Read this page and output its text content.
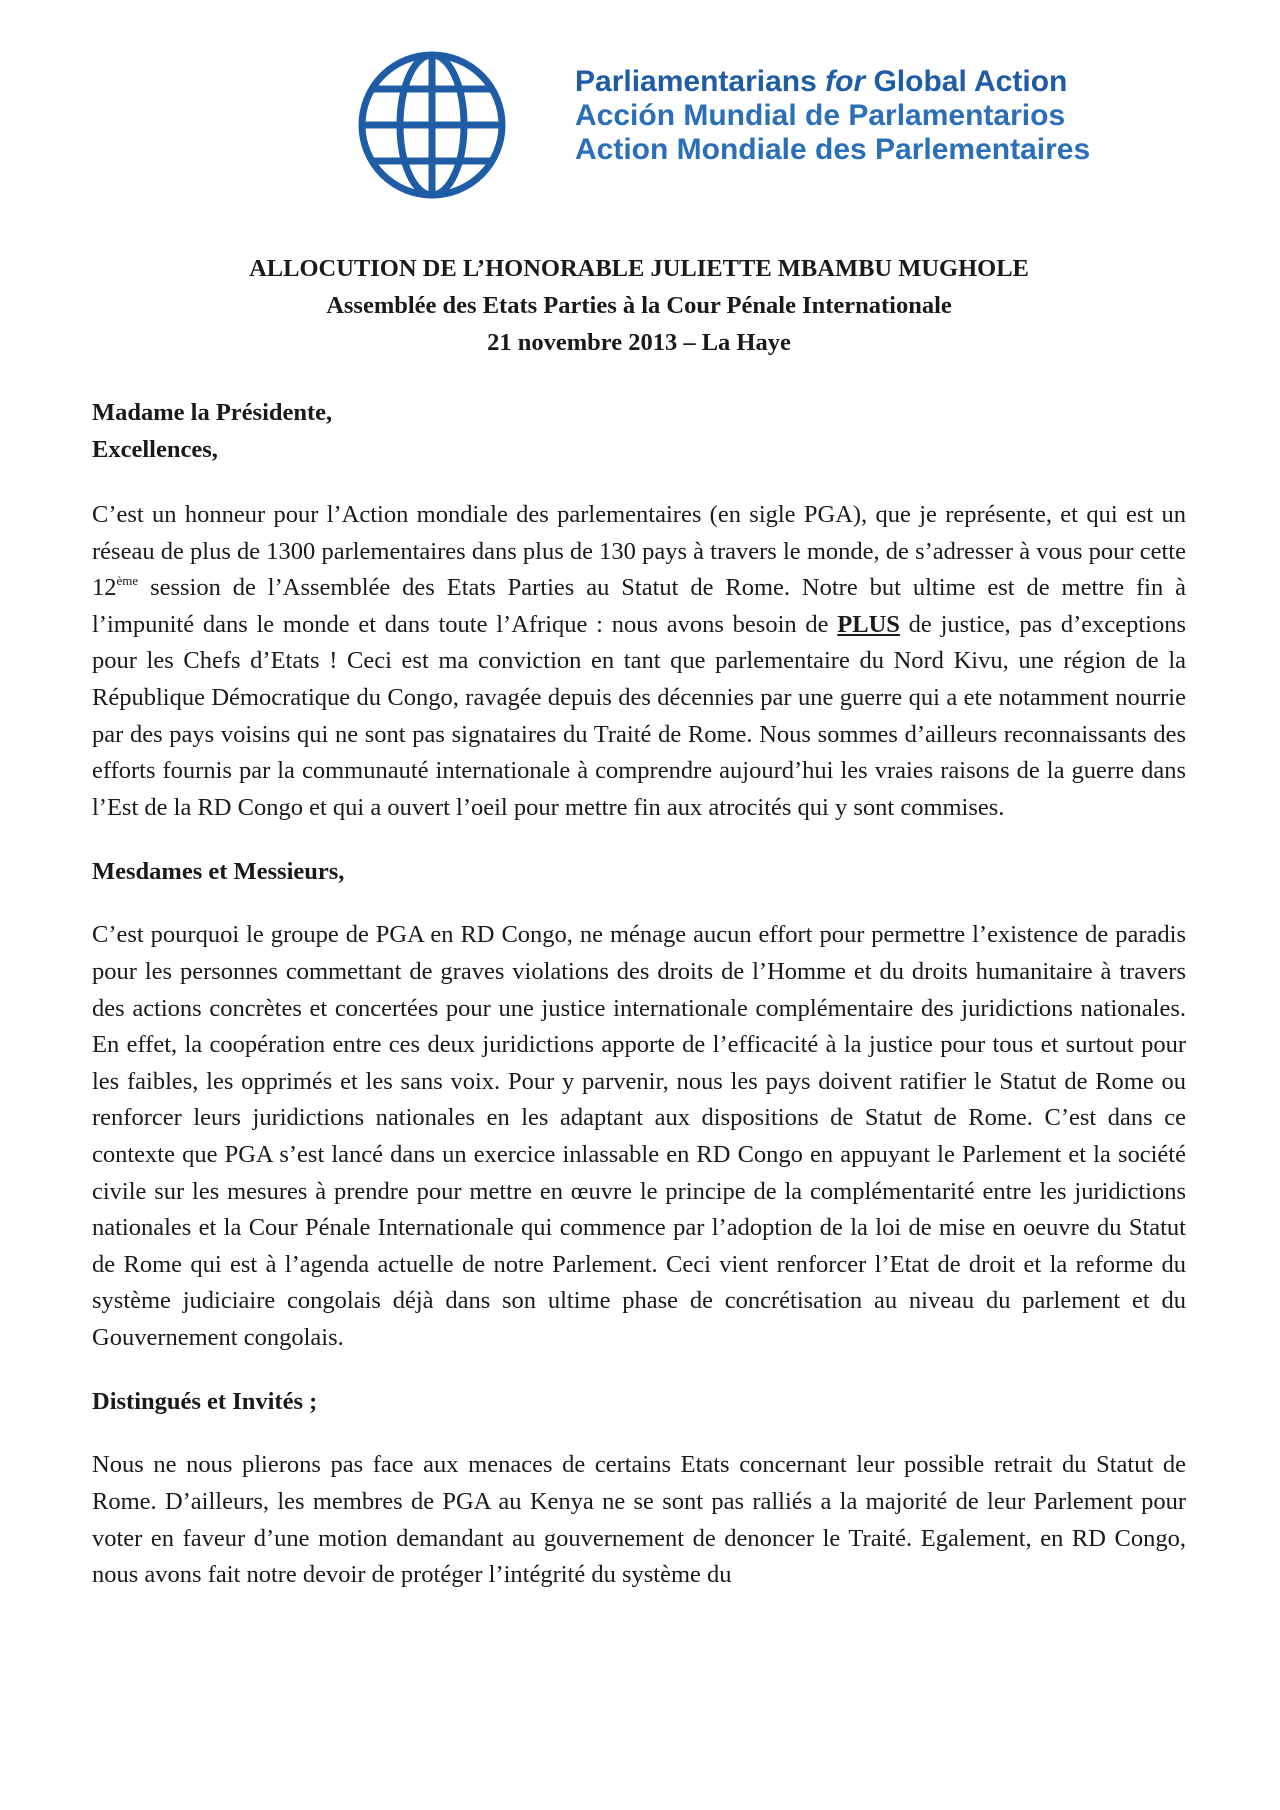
Parliamentarians for Global Action
Acción Mundial de Parlamentarios
Action Mondiale des Parlementaires
ALLOCUTION DE L’HONORABLE JULIETTE MBAMBU MUGHOLE
Assemblée des Etats Parties à la Cour Pénale Internationale
21 novembre 2013 – La Haye
Madame la Présidente,
Excellences,

C’est un honneur pour l’Action mondiale des parlementaires (en sigle PGA), que je représente, et qui est un réseau de plus de 1300 parlementaires dans plus de 130 pays à travers le monde, de s’adresser à vous pour cette 12ème session de l’Assemblée des Etats Parties au Statut de Rome. Notre but ultime est de mettre fin à l’impunité dans le monde et dans toute l’Afrique : nous avons besoin de PLUS de justice, pas d’exceptions pour les Chefs d’Etats ! Ceci est ma conviction en tant que parlementaire du Nord Kivu, une région de la République Démocratique du Congo, ravagée depuis des décennies par une guerre qui a ete notamment nourrie par des pays voisins qui ne sont pas signataires du Traité de Rome. Nous sommes d’ailleurs reconnaissants des efforts fournis par la communauté internationale à comprendre aujourd’hui les vraies raisons de la guerre dans l’Est de la RD Congo et qui a ouvert l’oeil pour mettre fin aux atrocités qui y sont commises.

Mesdames et Messieurs,

C’est pourquoi le groupe de PGA en RD Congo, ne ménage aucun effort pour permettre l’existence de paradis pour les personnes commettant de graves violations des droits de l’Homme et du droits humanitaire à travers des actions concrètes et concertées pour une justice internationale complémentaire des juridictions nationales. En effet, la coopération entre ces deux juridictions apporte de l’efficacité à la justice pour tous et surtout pour les faibles, les opprimés et les sans voix. Pour y parvenir, nous les pays doivent ratifier le Statut de Rome ou renforcer leurs juridictions nationales en les adaptant aux dispositions de Statut de Rome. C’est dans ce contexte que PGA s’est lancé dans un exercice inlassable en RD Congo en appuyant le Parlement et la société civile sur les mesures à prendre pour mettre en œuvre le principe de la complémentarité entre les juridictions nationales et la Cour Pénale Internationale qui commence par l’adoption de la loi de mise en oeuvre du Statut de Rome qui est à l’agenda actuelle de notre Parlement. Ceci vient renforcer l’Etat de droit et la reforme du système judiciaire congolais déjà dans son ultime phase de concrétisation au niveau du parlement et du Gouvernement congolais.

Distingués et Invités ;

Nous ne nous plierons pas face aux menaces de certains Etats concernant leur possible retrait du Statut de Rome. D’ailleurs, les membres de PGA au Kenya ne se sont pas ralliés a la majorité de leur Parlement pour voter en faveur d’une motion demandant au gouvernement de denoncer le Traité. Egalement, en RD Congo, nous avons fait notre devoir de protéger l’intégrité du système du
